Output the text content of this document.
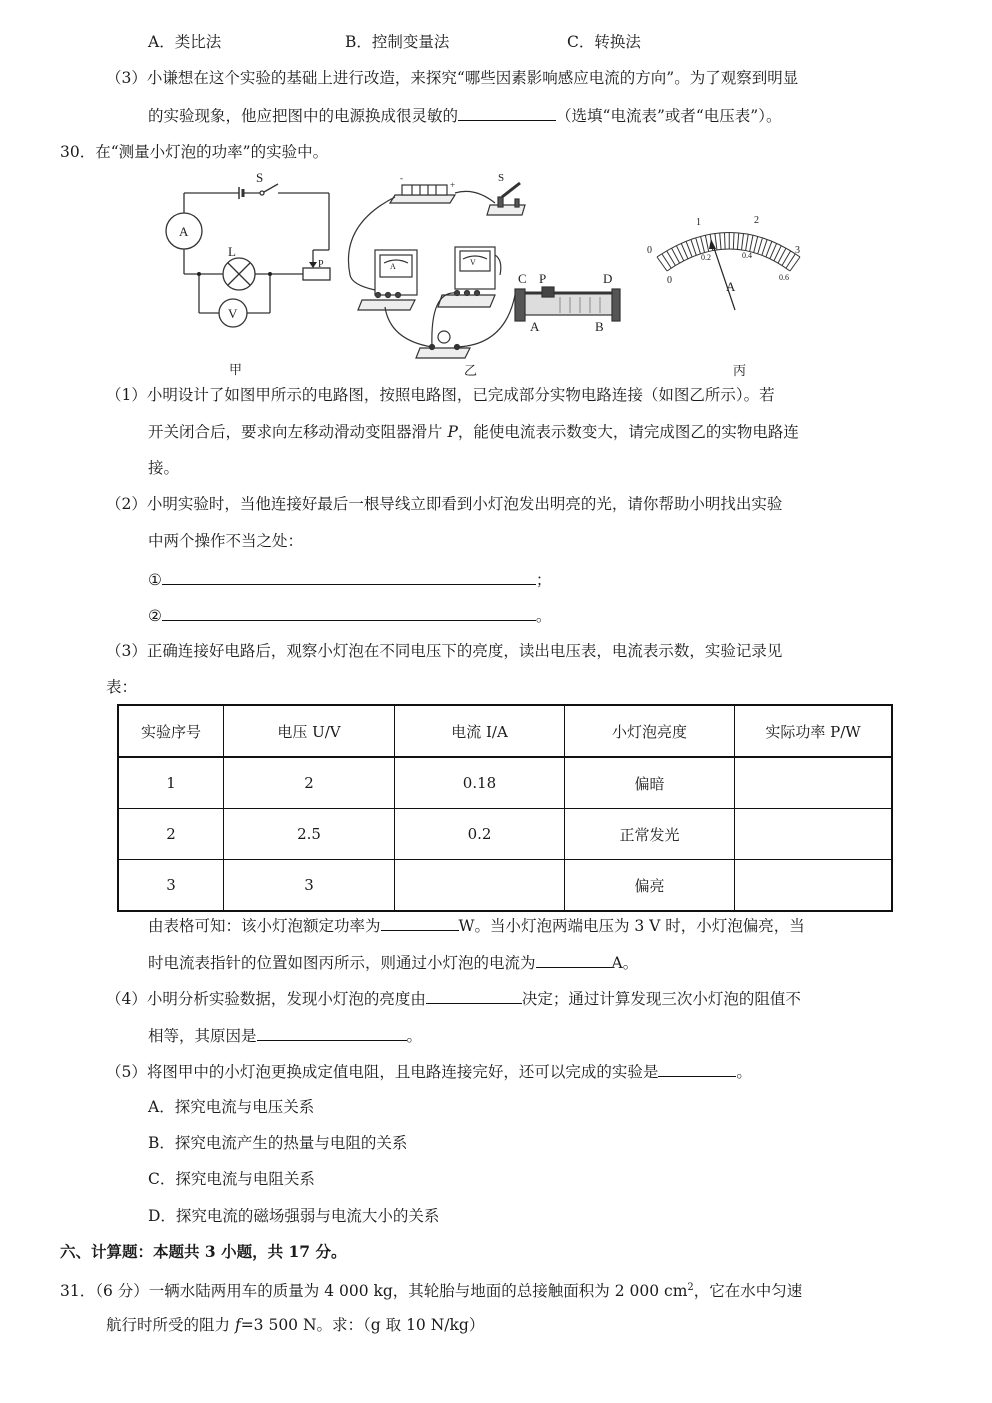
A．类比法	B．控制变量法	C．转换法
（3）小谦想在这个实验的基础上进行改造，来探究“哪些因素影响感应电流的方向”。为了观察到明显
的实验现象，他应把图中的电源换成很灵敏的	（选填“电流表”或者“电压表”）。
30．在“测量小灯泡的功率”的实验中。
S
A
L
V
P
甲
-
+
S
A	V
C P	D
A	B
乙
0
1	2
3
0
0.2	0.4
0.6
A
丙
（1）小明设计了如图甲所示的电路图，按照电路图，已完成部分实物电路连接（如图乙所示）。若
开关闭合后，要求向左移动滑动变阻器滑片 P，能使电流表示数变大，请完成图乙的实物电路连
接。
（2）小明实验时，当他连接好最后一根导线立即看到小灯泡发出明亮的光，请你帮助小明找出实验
中两个操作不当之处：
①	；
②	。
（3）正确连接好电路后，观察小灯泡在不同电压下的亮度，读出电压表，电流表示数，实验记录见
表：
实验序号	电压 U/V	电流 I/A	小灯泡亮度	实际功率 P/W
1	2	0.18	偏暗	
2	2.5	0.2	正常发光	
3	3		偏亮	
由表格可知：该小灯泡额定功率为	W。当小灯泡两端电压为 3 V 时，小灯泡偏亮，当
时电流表指针的位置如图丙所示，则通过小灯泡的电流为	A。
（4）小明分析实验数据，发现小灯泡的亮度由	决定；通过计算发现三次小灯泡的阻值不
相等，其原因是	。
（5）将图甲中的小灯泡更换成定值电阻，且电路连接完好，还可以完成的实验是	。
A．探究电流与电压关系
B．探究电流产生的热量与电阻的关系
C．探究电流与电阻关系
D．探究电流的磁场强弱与电流大小的关系
六、计算题：本题共 3 小题，共 17 分。
31．（6 分）一辆水陆两用车的质量为 4 000 kg，其轮胎与地面的总接触面积为 2 000 $cm^2$，它在水中匀速
航行时所受的阻力 f=3 500 N。求：（g 取 10 N/kg）
